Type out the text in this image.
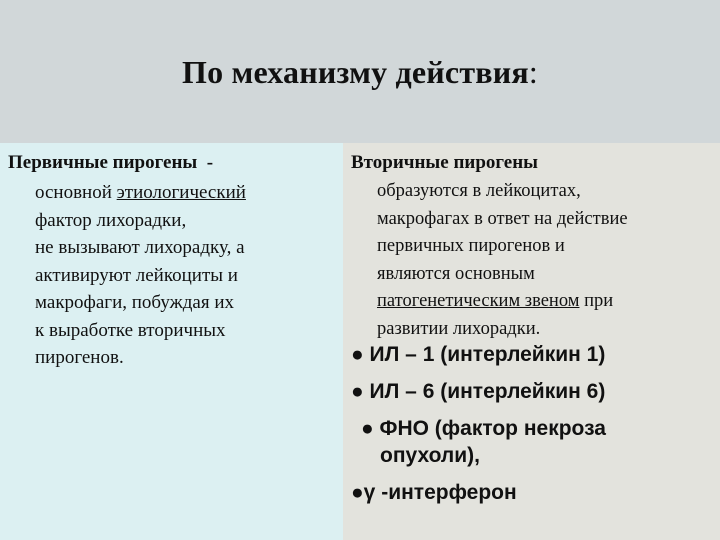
По механизму действия:
Первичные пирогены  -
основной этиологический
фактор лихорадки,
не вызывают лихорадку, а
активируют лейкоциты и
макрофаги, побуждая их
к выработке вторичных
пирогенов.
Вторичные пирогены
образуются в лейкоцитах,
макрофагах в ответ на действие
первичных пирогенов и
являются основным
патогенетическим звеном при
развитии лихорадки.
● ИЛ – 1 (интерлейкин 1)
● ИЛ – 6 (интерлейкин 6)
● ФНО (фактор некроза
опухоли),
●γ -интерферон
